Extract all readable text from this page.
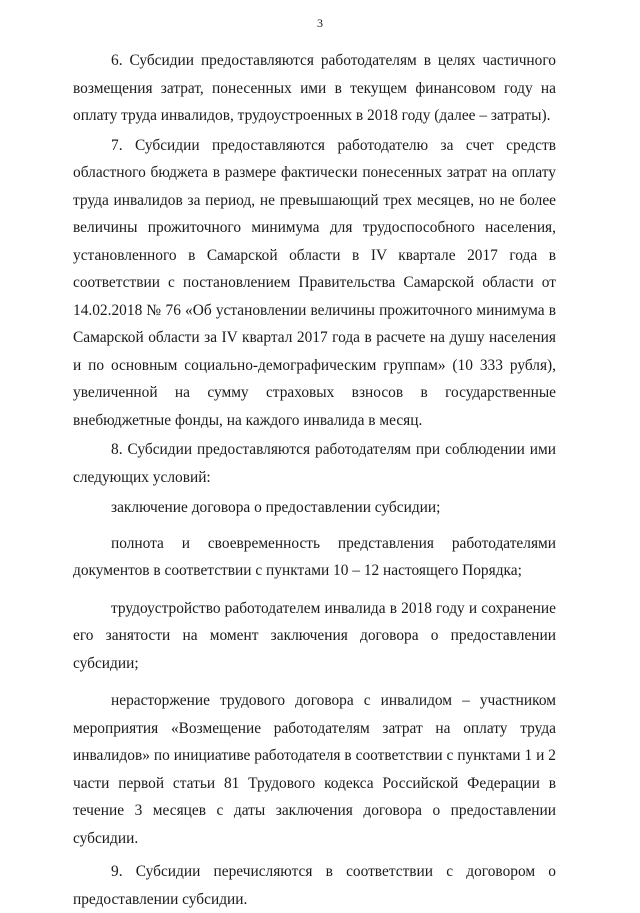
3

6. Субсидии предоставляются работодателям в целях частичного возмещения затрат, понесенных ими в текущем финансовом году на оплату труда инвалидов, трудоустроенных в 2018 году (далее – затраты).

7. Субсидии предоставляются работодателю за счет средств областного бюджета в размере фактически понесенных затрат на оплату труда инвалидов за период, не превышающий трех месяцев, но не более величины прожиточного минимума для трудоспособного населения, установленного в Самарской области в IV квартале 2017 года в соответствии с постановлением Правительства Самарской области от 14.02.2018 № 76 «Об установлении величины прожиточного минимума в Самарской области за IV квартал 2017 года в расчете на душу населения и по основным социально-демографическим группам» (10 333 рубля), увеличенной на сумму страховых взносов в государственные внебюджетные фонды, на каждого инвалида в месяц.

8. Субсидии предоставляются работодателям при соблюдении ими следующих условий:

заключение договора о предоставлении субсидии;

полнота и своевременность представления работодателями документов в соответствии с пунктами 10 – 12 настоящего Порядка;

трудоустройство работодателем инвалида в 2018 году и сохранение его занятости на момент заключения договора о предоставлении субсидии;

нерасторжение трудового договора с инвалидом – участником мероприятия «Возмещение работодателям затрат на оплату труда инвалидов» по инициативе работодателя в соответствии с пунктами 1 и 2 части первой статьи 81 Трудового кодекса Российской Федерации в течение 3 месяцев с даты заключения договора о предоставлении субсидии.

9. Субсидии перечисляются в соответствии с договором о предоставлении субсидии.
